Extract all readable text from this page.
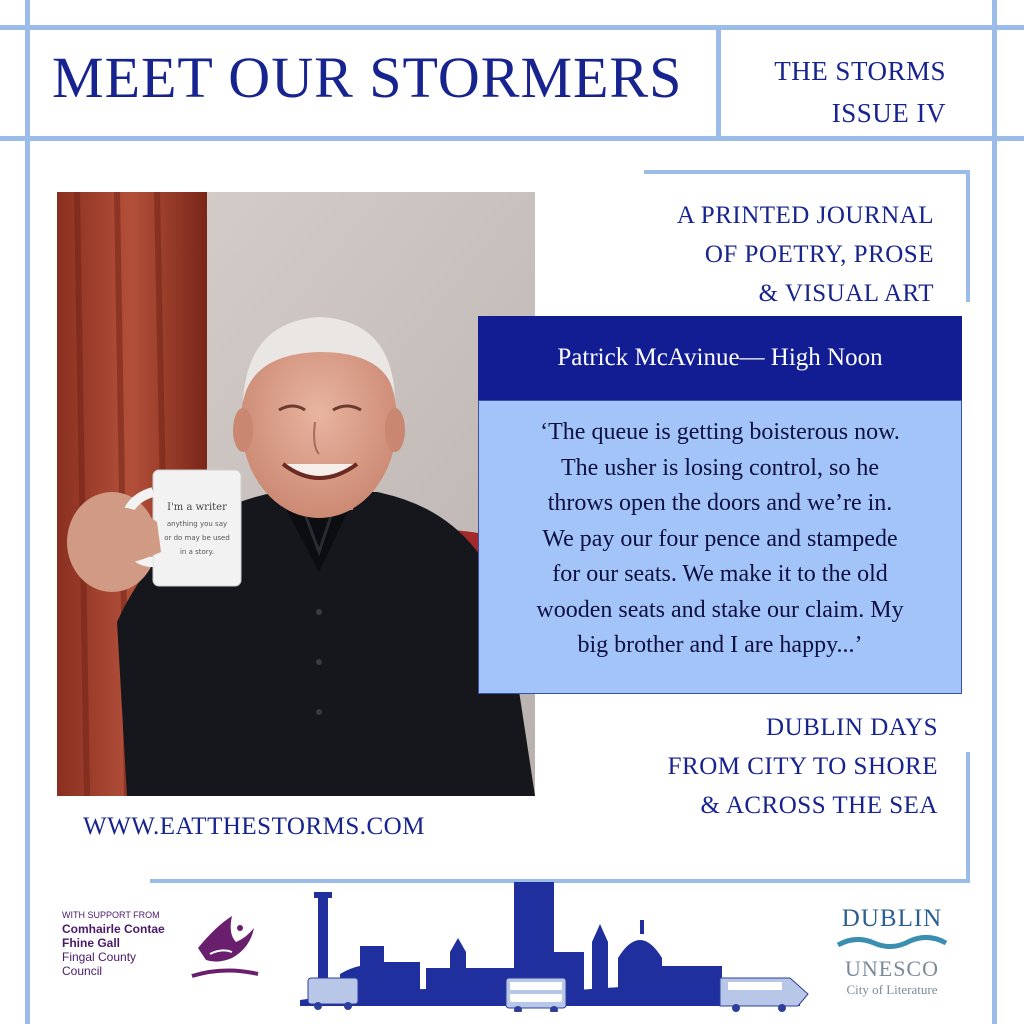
MEET OUR STORMERS	THE STORMS
ISSUE IV
I'm a writer
anything you say
or do may be used
in a story.
A PRINTED JOURNAL
OF POETRY, PROSE
& VISUAL ART
Patrick McAvinue— High Noon
‘The queue is getting boisterous now.
The usher is losing control, so he
throws open the doors and we’re in.
We pay our four pence and stampede
for our seats. We make it to the old
wooden seats and stake our claim. My
big brother and I are happy...’
DUBLIN DAYS
FROM CITY TO SHORE
& ACROSS THE SEA
WWW.EATTHESTORMS.COM
WITH SUPPORT FROM
Comhairle Contae
Fhine Gall
Fingal County
Council
DUBLIN
UNESCO
City of Literature
